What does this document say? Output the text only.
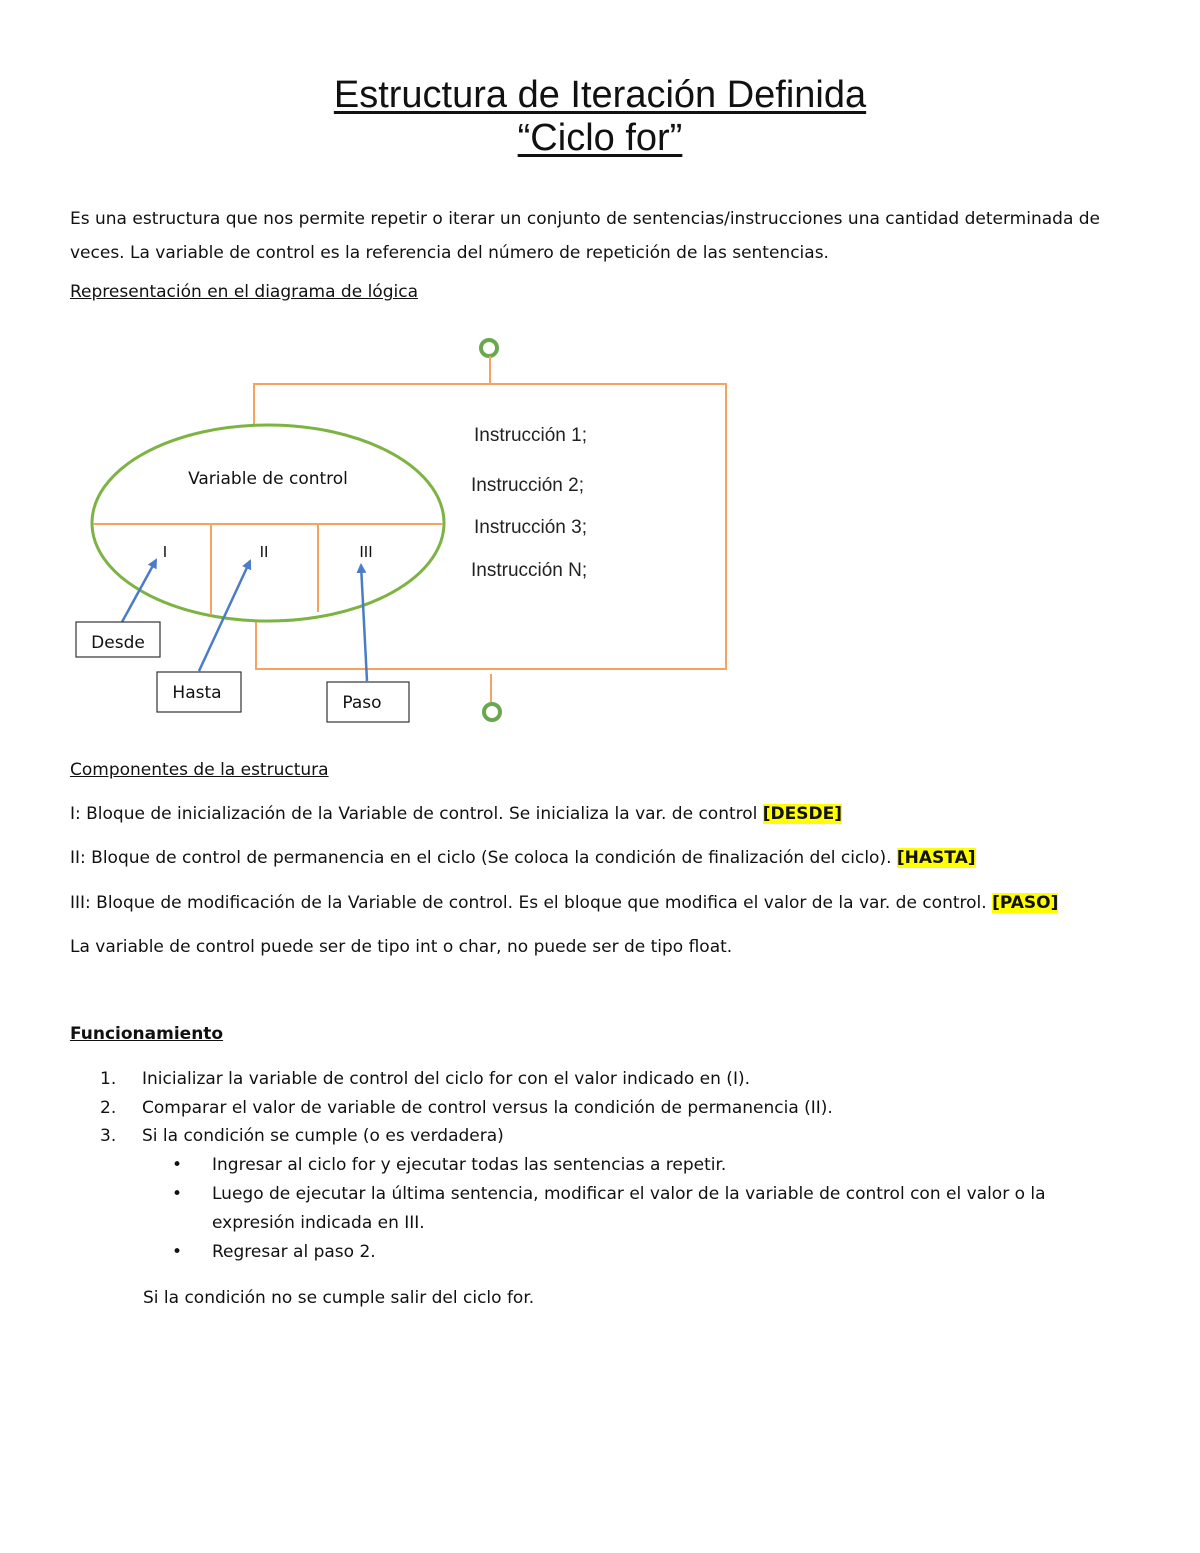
Estructura de Iteración Definida
“Ciclo for”

Es una estructura que nos permite repetir o iterar un conjunto de sentencias/instrucciones una cantidad determinada de veces. La variable de control es la referencia del número de repetición de las sentencias.

Representación en el diagrama de lógica

Variable de control
I	II	III
Instrucción 1;
Instrucción 2;
Instrucción 3;
Instrucción N;
Desde
Hasta	Paso

Componentes de la estructura

I: Bloque de inicialización de la Variable de control. Se inicializa la var. de control [DESDE]

II: Bloque de control de permanencia en el ciclo (Se coloca la condición de finalización del ciclo). [HASTA]

III: Bloque de modificación de la Variable de control. Es el bloque que modifica el valor de la var. de control. [PASO]

La variable de control puede ser de tipo int o char, no puede ser de tipo float.

Funcionamiento

1. Inicializar la variable de control del ciclo for con el valor indicado en (I).

2. Comparar el valor de variable de control versus la condición de permanencia (II).

3. Si la condición se cumple (o es verdadera)

• Ingresar al ciclo for y ejecutar todas las sentencias a repetir.
• Luego de ejecutar la última sentencia, modificar el valor de la variable de control con el valor o la expresión indicada en III.
• Regresar al paso 2.

Si la condición no se cumple salir del ciclo for.
